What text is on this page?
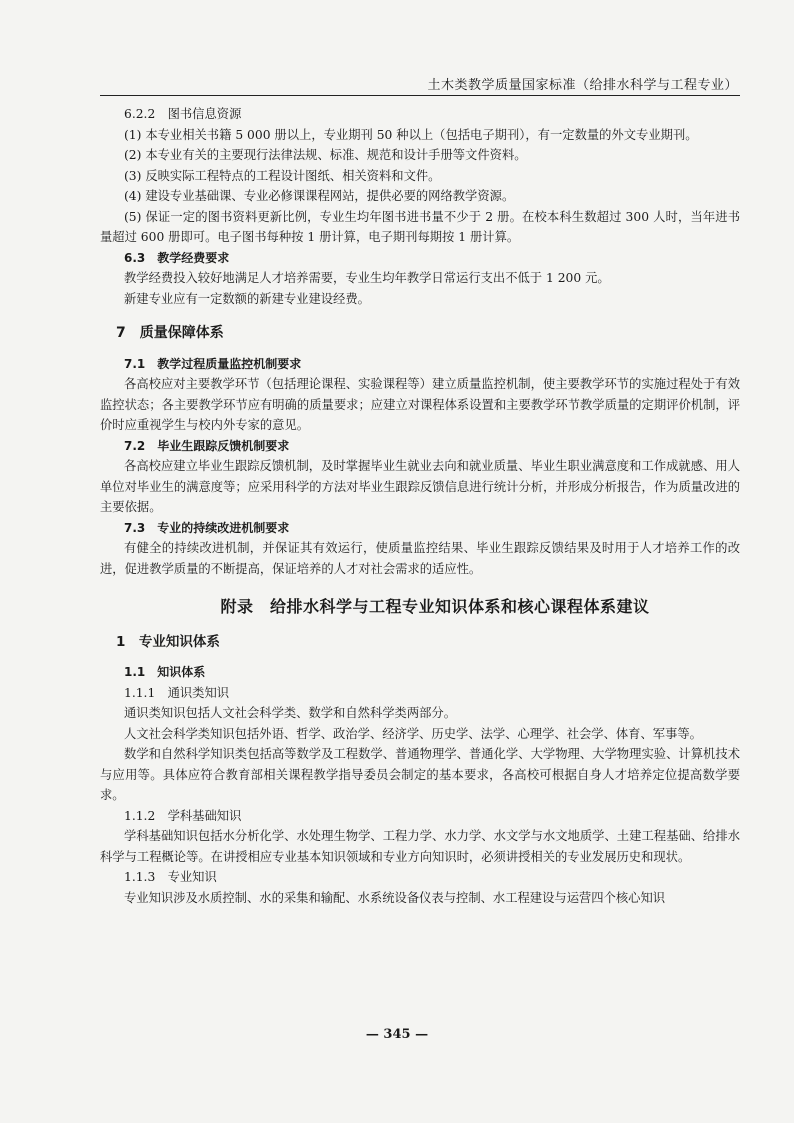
土木类教学质量国家标准（给排水科学与工程专业）

6.2.2　图书信息资源

(1) 本专业相关书籍 5 000 册以上，专业期刊 50 种以上（包括电子期刊），有一定数量的外文专业期刊。

(2) 本专业有关的主要现行法律法规、标准、规范和设计手册等文件资料。

(3) 反映实际工程特点的工程设计图纸、相关资料和文件。

(4) 建设专业基础课、专业必修课课程网站，提供必要的网络教学资源。

(5) 保证一定的图书资料更新比例，专业生均年图书进书量不少于 2 册。在校本科生数超过 300 人时，当年进书量超过 600 册即可。电子图书每种按 1 册计算，电子期刊每期按 1 册计算。

6.3　教学经费要求

教学经费投入较好地满足人才培养需要，专业生均年教学日常运行支出不低于 1 200 元。

新建专业应有一定数额的新建专业建设经费。

7　质量保障体系

7.1　教学过程质量监控机制要求

各高校应对主要教学环节（包括理论课程、实验课程等）建立质量监控机制，使主要教学环节的实施过程处于有效监控状态；各主要教学环节应有明确的质量要求；应建立对课程体系设置和主要教学环节教学质量的定期评价机制，评价时应重视学生与校内外专家的意见。

7.2　毕业生跟踪反馈机制要求

各高校应建立毕业生跟踪反馈机制，及时掌握毕业生就业去向和就业质量、毕业生职业满意度和工作成就感、用人单位对毕业生的满意度等；应采用科学的方法对毕业生跟踪反馈信息进行统计分析，并形成分析报告，作为质量改进的主要依据。

7.3　专业的持续改进机制要求

有健全的持续改进机制，并保证其有效运行，使质量监控结果、毕业生跟踪反馈结果及时用于人才培养工作的改进，促进教学质量的不断提高，保证培养的人才对社会需求的适应性。

附录　给排水科学与工程专业知识体系和核心课程体系建议

1　专业知识体系

1.1　知识体系

1.1.1　通识类知识

通识类知识包括人文社会科学类、数学和自然科学类两部分。

人文社会科学类知识包括外语、哲学、政治学、经济学、历史学、法学、心理学、社会学、体育、军事等。

数学和自然科学知识类包括高等数学及工程数学、普通物理学、普通化学、大学物理、大学物理实验、计算机技术与应用等。具体应符合教育部相关课程教学指导委员会制定的基本要求，各高校可根据自身人才培养定位提高数学要求。

1.1.2　学科基础知识

学科基础知识包括水分析化学、水处理生物学、工程力学、水力学、水文学与水文地质学、土建工程基础、给排水科学与工程概论等。在讲授相应专业基本知识领域和专业方向知识时，必须讲授相关的专业发展历史和现状。

1.1.3　专业知识

专业知识涉及水质控制、水的采集和输配、水系统设备仪表与控制、水工程建设与运营四个核心知识

— 345 —
